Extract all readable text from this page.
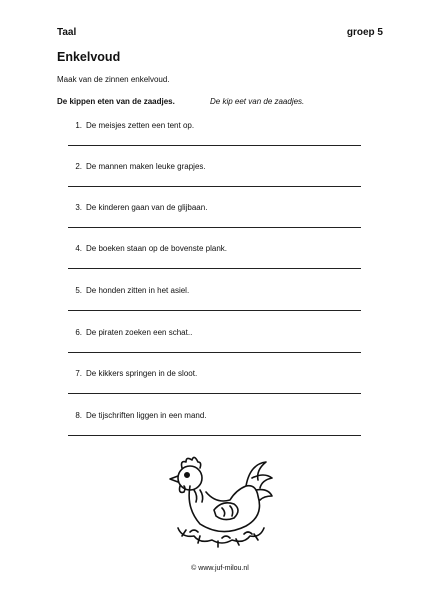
Taal	groep 5
Enkelvoud
Maak van de zinnen enkelvoud.
De kippen eten van de zaadjes.	De kip eet van de zaadjes.
1. De meisjes zetten een tent op.
2. De mannen maken leuke grapjes.
3. De kinderen gaan van de glijbaan.
4. De boeken staan op de bovenste plank.
5. De honden zitten in het asiel.
6. De piraten zoeken een schat..
7. De kikkers springen in de sloot.
8. De tijschriften liggen in een mand.
© www.juf-milou.nl
